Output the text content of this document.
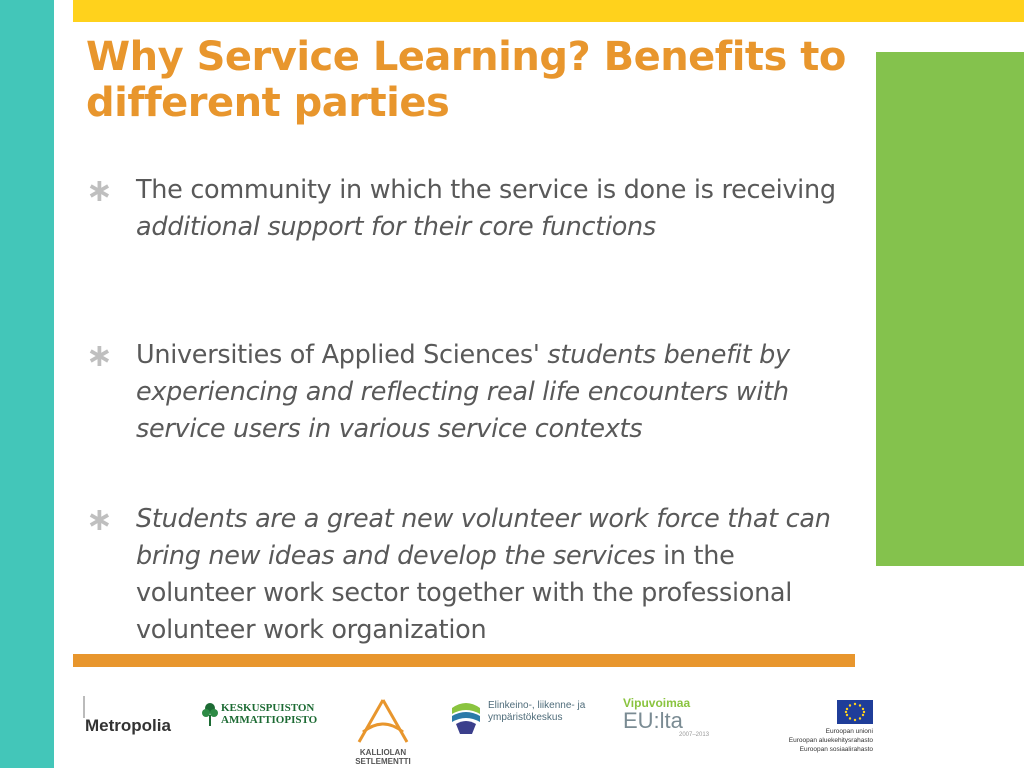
Why Service Learning? Benefits to different parties
∗ The community in which the service is done is receiving additional support for their core functions
∗ Universities of Applied Sciences' students benefit by experiencing and reflecting real life encounters with service users in various service contexts
∗ Students are a great new volunteer work force that can bring new ideas and develop the services in the volunteer work sector together with the professional volunteer work organization
Metropolia
KESKUSPUISTON
AMMATTIOPISTO
KALLIOLAN
SETLEMENTTI
Elinkeino-, liikenne- ja
ympäristökeskus
Vipuvoimaa
EU:lta
2007–2013	Euroopan unioni
Euroopan aluekehitysrahasto
Euroopan sosiaalirahasto
